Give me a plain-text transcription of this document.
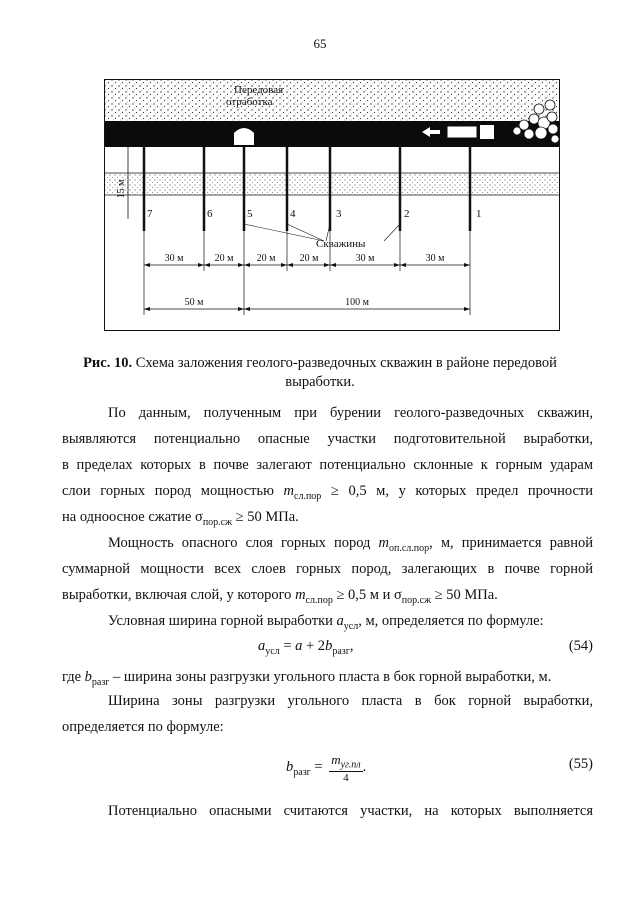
65
Передовая
отработка
15 м
7	6	5	4	3	2	1
Скважины
30 м	20 м 20 м 20 м	30 м	30 м
50 м	100 м
Рис. 10. Схема заложения геолого-разведочных скважин в районе передовой выработки.
По данным, полученным при бурении геолого-разведочных скважин,
выявляются потенциально опасные участки подготовительной выработки,
в пределах которых в почве залегают потенциально склонные к горным ударам
слои горных пород мощностью $m_{сл.пор} \ge 0,5$ м, у которых предел прочности
на одноосное сжатие $\sigma_{пор.сж} \ge 50$ МПа.
Мощность опасного слоя горных пород $m_{оп.сл.пор}$, м, принимается равной
суммарной мощности всех слоев горных пород, залегающих в почве горной
выработки, включая слой, у которого $m_{сл.пор} \ge 0,5$ м и $\sigma_{пор.сж} \ge 50$ МПа.
Условная ширина горной выработки $a_{усл}$, м, определяется по формуле:
$a_{усл} = a + 2b_{разг}$,	(54)
где $b_{разг}$ – ширина зоны разгрузки угольного пласта в бок горной выработки, м.
Ширина зоны разгрузки угольного пласта в бок горной выработки,
определяется по формуле:
$b_{разг} = \frac{m_{уг.пл}}{4}$ .	(55)
Потенциально опасными считаются участки, на которых выполняется
